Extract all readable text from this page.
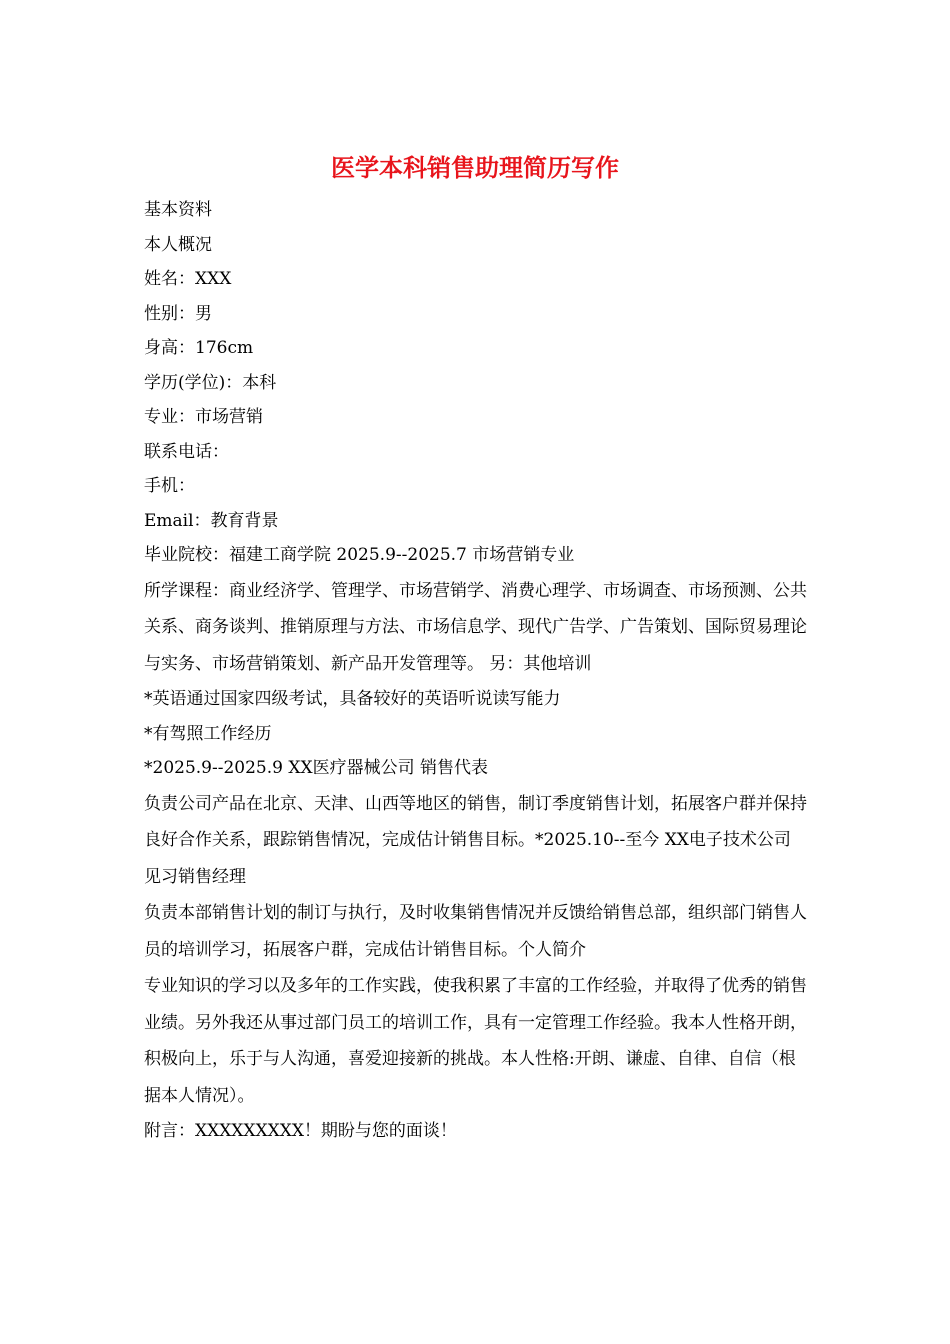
医学本科销售助理简历写作
基本资料
本人概况
姓名：XXX
性别：男
身高：176cm
学历(学位)：本科
专业：市场营销
联系电话：
手机：
Email：教育背景
毕业院校：福建工商学院 2025.9--2025.7 市场营销专业
所学课程：商业经济学、管理学、市场营销学、消费心理学、市场调查、市场预测、公共关系、商务谈判、推销原理与方法、市场信息学、现代广告学、广告策划、国际贸易理论与实务、市场营销策划、新产品开发管理等。 另：其他培训
*英语通过国家四级考试，具备较好的英语听说读写能力
*有驾照工作经历
*2025.9--2025.9 XX医疗器械公司 销售代表
负责公司产品在北京、天津、山西等地区的销售，制订季度销售计划，拓展客户群并保持良好合作关系，跟踪销售情况，完成估计销售目标。*2025.10--至今 XX电子技术公司 见习销售经理
负责本部销售计划的制订与执行，及时收集销售情况并反馈给销售总部，组织部门销售人员的培训学习，拓展客户群，完成估计销售目标。个人简介
专业知识的学习以及多年的工作实践，使我积累了丰富的工作经验，并取得了优秀的销售业绩。另外我还从事过部门员工的培训工作，具有一定管理工作经验。我本人性格开朗，积极向上，乐于与人沟通，喜爱迎接新的挑战。本人性格:开朗、谦虚、自律、自信（根据本人情况）。
附言：XXXXXXXXX！期盼与您的面谈！
